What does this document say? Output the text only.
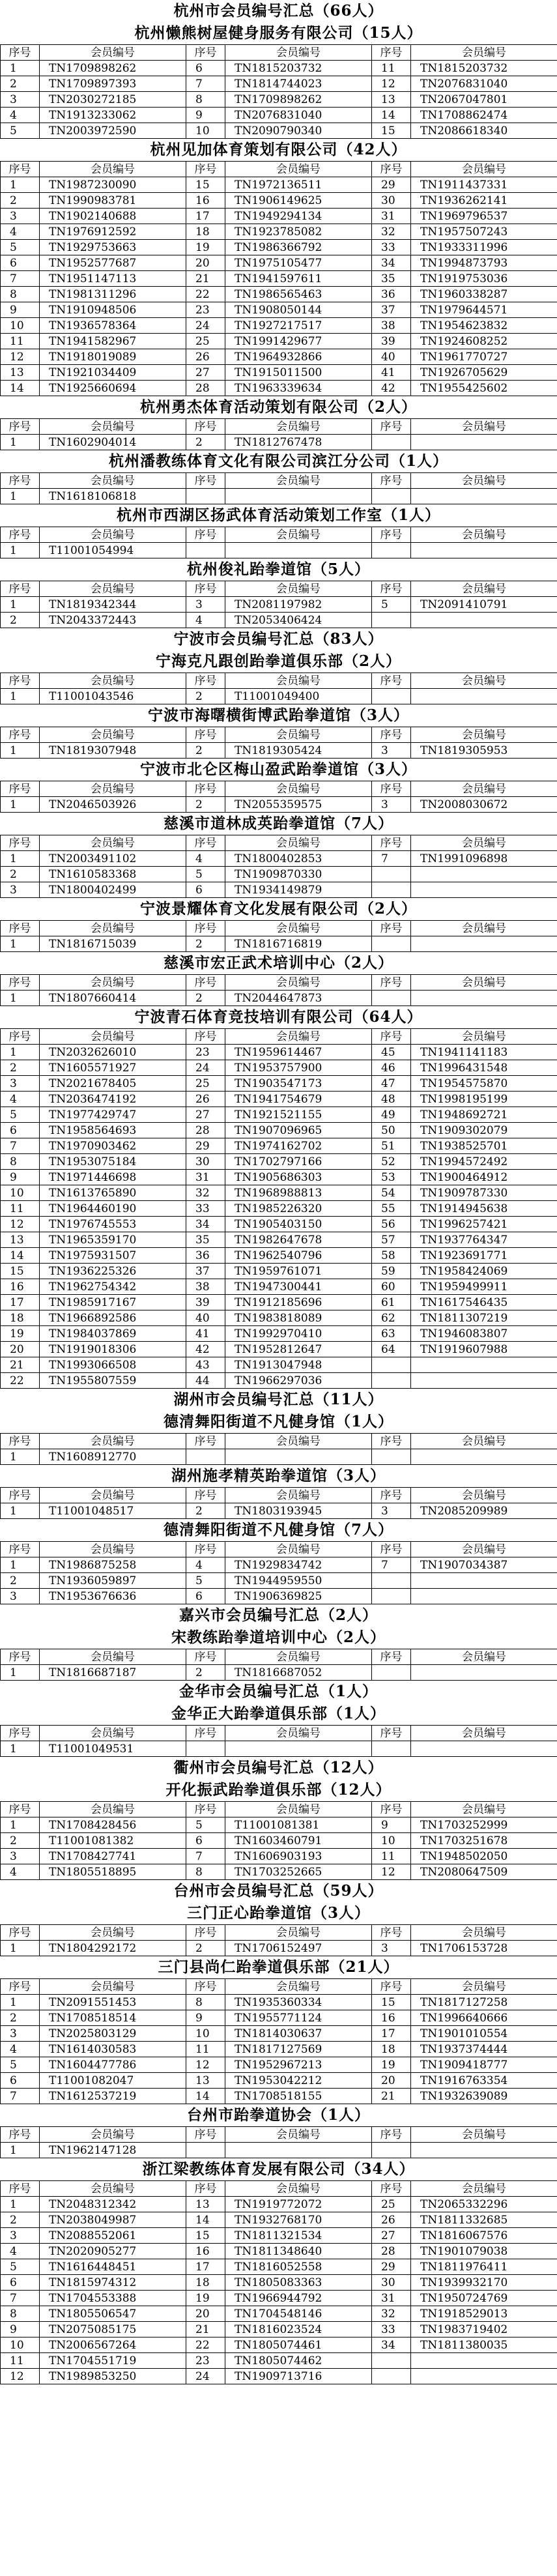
杭州市会员编号汇总（66人）
杭州懒熊树屋健身服务有限公司（15人）
序号	会员编号	序号	会员编号	序号	会员编号
1	TN1709898262	6	TN1815203732	11	TN1815203732
2	TN1709897393	7	TN1814744023	12	TN2076831040
3	TN2030272185	8	TN1709898262	13	TN2067047801
4	TN1913233062	9	TN2076831040	14	TN1708862474
5	TN2003972590	10	TN2090790340	15	TN2086618340
杭州见加体育策划有限公司（42人）
序号	会员编号	序号	会员编号	序号	会员编号
1	TN1987230090	15	TN1972136511	29	TN1911437331
2	TN1990983781	16	TN1906149625	30	TN1936262141
3	TN1902140688	17	TN1949294134	31	TN1969796537
4	TN1976912592	18	TN1923785082	32	TN1957507243
5	TN1929753663	19	TN1986366792	33	TN1933311996
6	TN1952577687	20	TN1975105477	34	TN1994873793
7	TN1951147113	21	TN1941597611	35	TN1919753036
8	TN1981311296	22	TN1986565463	36	TN1960338287
9	TN1910948506	23	TN1908050144	37	TN1979644571
10	TN1936578364	24	TN1927217517	38	TN1954623832
11	TN1941582967	25	TN1991429677	39	TN1924608252
12	TN1918019089	26	TN1964932866	40	TN1961770727
13	TN1921034409	27	TN1915011500	41	TN1926705629
14	TN1925660694	28	TN1963339634	42	TN1955425602
杭州勇杰体育活动策划有限公司（2人）
序号	会员编号	序号	会员编号	序号	会员编号
1	TN1602904014	2	TN1812767478		
杭州潘教练体育文化有限公司滨江分公司（1人）
序号	会员编号	序号	会员编号	序号	会员编号
1	TN1618106818				
杭州市西湖区扬武体育活动策划工作室（1人）
序号	会员编号	序号	会员编号	序号	会员编号
1	T11001054994				
杭州俊礼跆拳道馆（5人）
序号	会员编号	序号	会员编号	序号	会员编号
1	TN1819342344	3	TN2081197982	5	TN2091410791
2	TN2043372443	4	TN2053406424		
宁波市会员编号汇总（83人）
宁海克凡跟创跆拳道俱乐部（2人）
序号	会员编号	序号	会员编号	序号	会员编号
1	T11001043546	2	T11001049400		
宁波市海曙横街博武跆拳道馆（3人）
序号	会员编号	序号	会员编号	序号	会员编号
1	TN1819307948	2	TN1819305424	3	TN1819305953
宁波市北仑区梅山盈武跆拳道馆（3人）
序号	会员编号	序号	会员编号	序号	会员编号
1	TN2046503926	2	TN2055359575	3	TN2008030672
慈溪市道林成英跆拳道馆（7人）
序号	会员编号	序号	会员编号	序号	会员编号
1	TN2003491102	4	TN1800402853	7	TN1991096898
2	TN1610583368	5	TN1909870330		
3	TN1800402499	6	TN1934149879		
宁波景耀体育文化发展有限公司（2人）
序号	会员编号	序号	会员编号	序号	会员编号
1	TN1816715039	2	TN1816716819		
慈溪市宏正武术培训中心（2人）
序号	会员编号	序号	会员编号	序号	会员编号
1	TN1807660414	2	TN2044647873		
宁波青石体育竞技培训有限公司（64人）
序号	会员编号	序号	会员编号	序号	会员编号
1	TN2032626010	23	TN1959614467	45	TN1941141183
2	TN1605571927	24	TN1953757900	46	TN1996431548
3	TN2021678405	25	TN1903547173	47	TN1954575870
4	TN2036474192	26	TN1941754679	48	TN1998195199
5	TN1977429747	27	TN1921521155	49	TN1948692721
6	TN1958564693	28	TN1907096965	50	TN1909302079
7	TN1970903462	29	TN1974162702	51	TN1938525701
8	TN1953075184	30	TN1702797166	52	TN1994572492
9	TN1971446698	31	TN1905686303	53	TN1900464912
10	TN1613765890	32	TN1968988813	54	TN1909787330
11	TN1964460190	33	TN1985226320	55	TN1914945638
12	TN1976745553	34	TN1905403150	56	TN1996257421
13	TN1965359170	35	TN1982647678	57	TN1937764347
14	TN1975931507	36	TN1962540796	58	TN1923691771
15	TN1936225326	37	TN1959761071	59	TN1958424069
16	TN1962754342	38	TN1947300441	60	TN1959499911
17	TN1985917167	39	TN1912185696	61	TN1617546435
18	TN1966892586	40	TN1983818089	62	TN1811307219
19	TN1984037869	41	TN1992970410	63	TN1946083807
20	TN1919018306	42	TN1952812647	64	TN1919607988
21	TN1993066508	43	TN1913047948		
22	TN1955807559	44	TN1966297036		
湖州市会员编号汇总（11人）
德清舞阳街道不凡健身馆（1人）
序号	会员编号	序号	会员编号	序号	会员编号
1	TN1608912770				
湖州施孝精英跆拳道馆（3人）
序号	会员编号	序号	会员编号	序号	会员编号
1	T11001048517	2	TN1803193945	3	TN2085209989
德清舞阳街道不凡健身馆（7人）
序号	会员编号	序号	会员编号	序号	会员编号
1	TN1986875258	4	TN1929834742	7	TN1907034387
2	TN1936059897	5	TN1944959550		
3	TN1953676636	6	TN1906369825		
嘉兴市会员编号汇总（2人）
宋教练跆拳道培训中心（2人）
序号	会员编号	序号	会员编号	序号	会员编号
1	TN1816687187	2	TN1816687052		
金华市会员编号汇总（1人）
金华正大跆拳道俱乐部（1人）
序号	会员编号	序号	会员编号	序号	会员编号
1	T11001049531				
衢州市会员编号汇总（12人）
开化振武跆拳道俱乐部（12人）
序号	会员编号	序号	会员编号	序号	会员编号
1	TN1708428456	5	T11001081381	9	TN1703252999
2	T11001081382	6	TN1603460791	10	TN1703251678
3	TN1708427741	7	TN1606903193	11	TN1948502050
4	TN1805518895	8	TN1703252665	12	TN2080647509
台州市会员编号汇总（59人）
三门正心跆拳道馆（3人）
序号	会员编号	序号	会员编号	序号	会员编号
1	TN1804292172	2	TN1706152497	3	TN1706153728
三门县尚仁跆拳道俱乐部（21人）
序号	会员编号	序号	会员编号	序号	会员编号
1	TN2091551453	8	TN1935360334	15	TN1817127258
2	TN1708518514	9	TN1955771124	16	TN1996640666
3	TN2025803129	10	TN1814030637	17	TN1901010554
4	TN1614030583	11	TN1817127569	18	TN1937374444
5	TN1604477786	12	TN1952967213	19	TN1909418777
6	T11001082047	13	TN1953042212	20	TN1916763354
7	TN1612537219	14	TN1708518155	21	TN1932639089
台州市跆拳道协会（1人）
序号	会员编号	序号	会员编号	序号	会员编号
1	TN1962147128				
浙江梁教练体育发展有限公司（34人）
序号	会员编号	序号	会员编号	序号	会员编号
1	TN2048312342	13	TN1919772072	25	TN2065332296
2	TN2038049987	14	TN1932768170	26	TN1811332685
3	TN2088552061	15	TN1811321534	27	TN1816067576
4	TN2020905277	16	TN1811348640	28	TN1901079038
5	TN1616448451	17	TN1816052558	29	TN1811976411
6	TN1815974312	18	TN1805083363	30	TN1939932170
7	TN1704553388	19	TN1966944792	31	TN1950724769
8	TN1805506547	20	TN1704548146	32	TN1918529013
9	TN2075085175	21	TN1816023524	33	TN1983719402
10	TN2006567264	22	TN1805074461	34	TN1811380035
11	TN1704551719	23	TN1805074462		
12	TN1989853250	24	TN1909713716		
